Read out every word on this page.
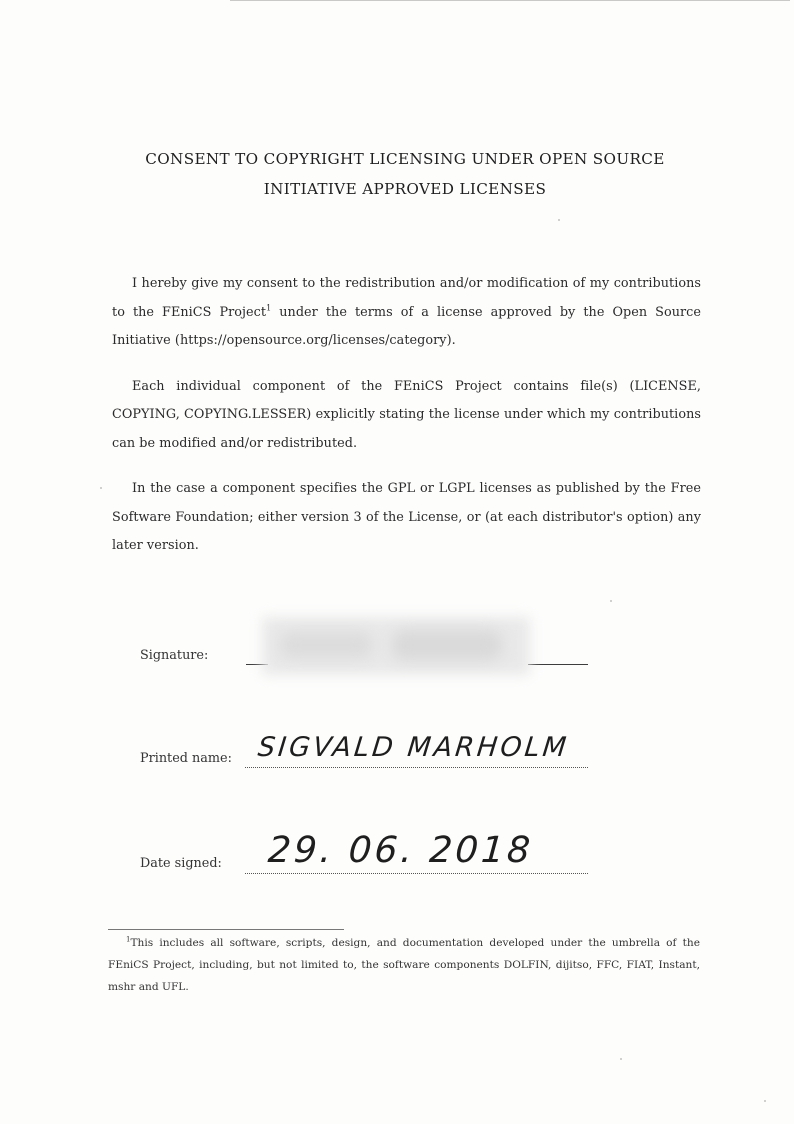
CONSENT TO COPYRIGHT LICENSING UNDER OPEN SOURCE
INITIATIVE APPROVED LICENSES

I hereby give my consent to the redistribution and/or modification of my contributions to the FEniCS Project$^1$ under the terms of a license approved by the Open Source Initiative (https://opensource.org/licenses/category).

Each individual component of the FEniCS Project contains file(s) (LICENSE, COPYING, COPYING.LESSER) explicitly stating the license under which my contributions can be modified and/or redistributed.

In the case a component specifies the GPL or LGPL licenses as published by the Free Software Foundation; either version 3 of the License, or (at each distributor's option) any later version.

Signature:
Printed name: SIGVALD MARHOLM
Date signed: 29. 06. 2018
$^1$This includes all software, scripts, design, and documentation developed under the umbrella of the FEniCS Project, including, but not limited to, the software components DOLFIN, dijitso, FFC, FIAT, Instant, mshr and UFL.
